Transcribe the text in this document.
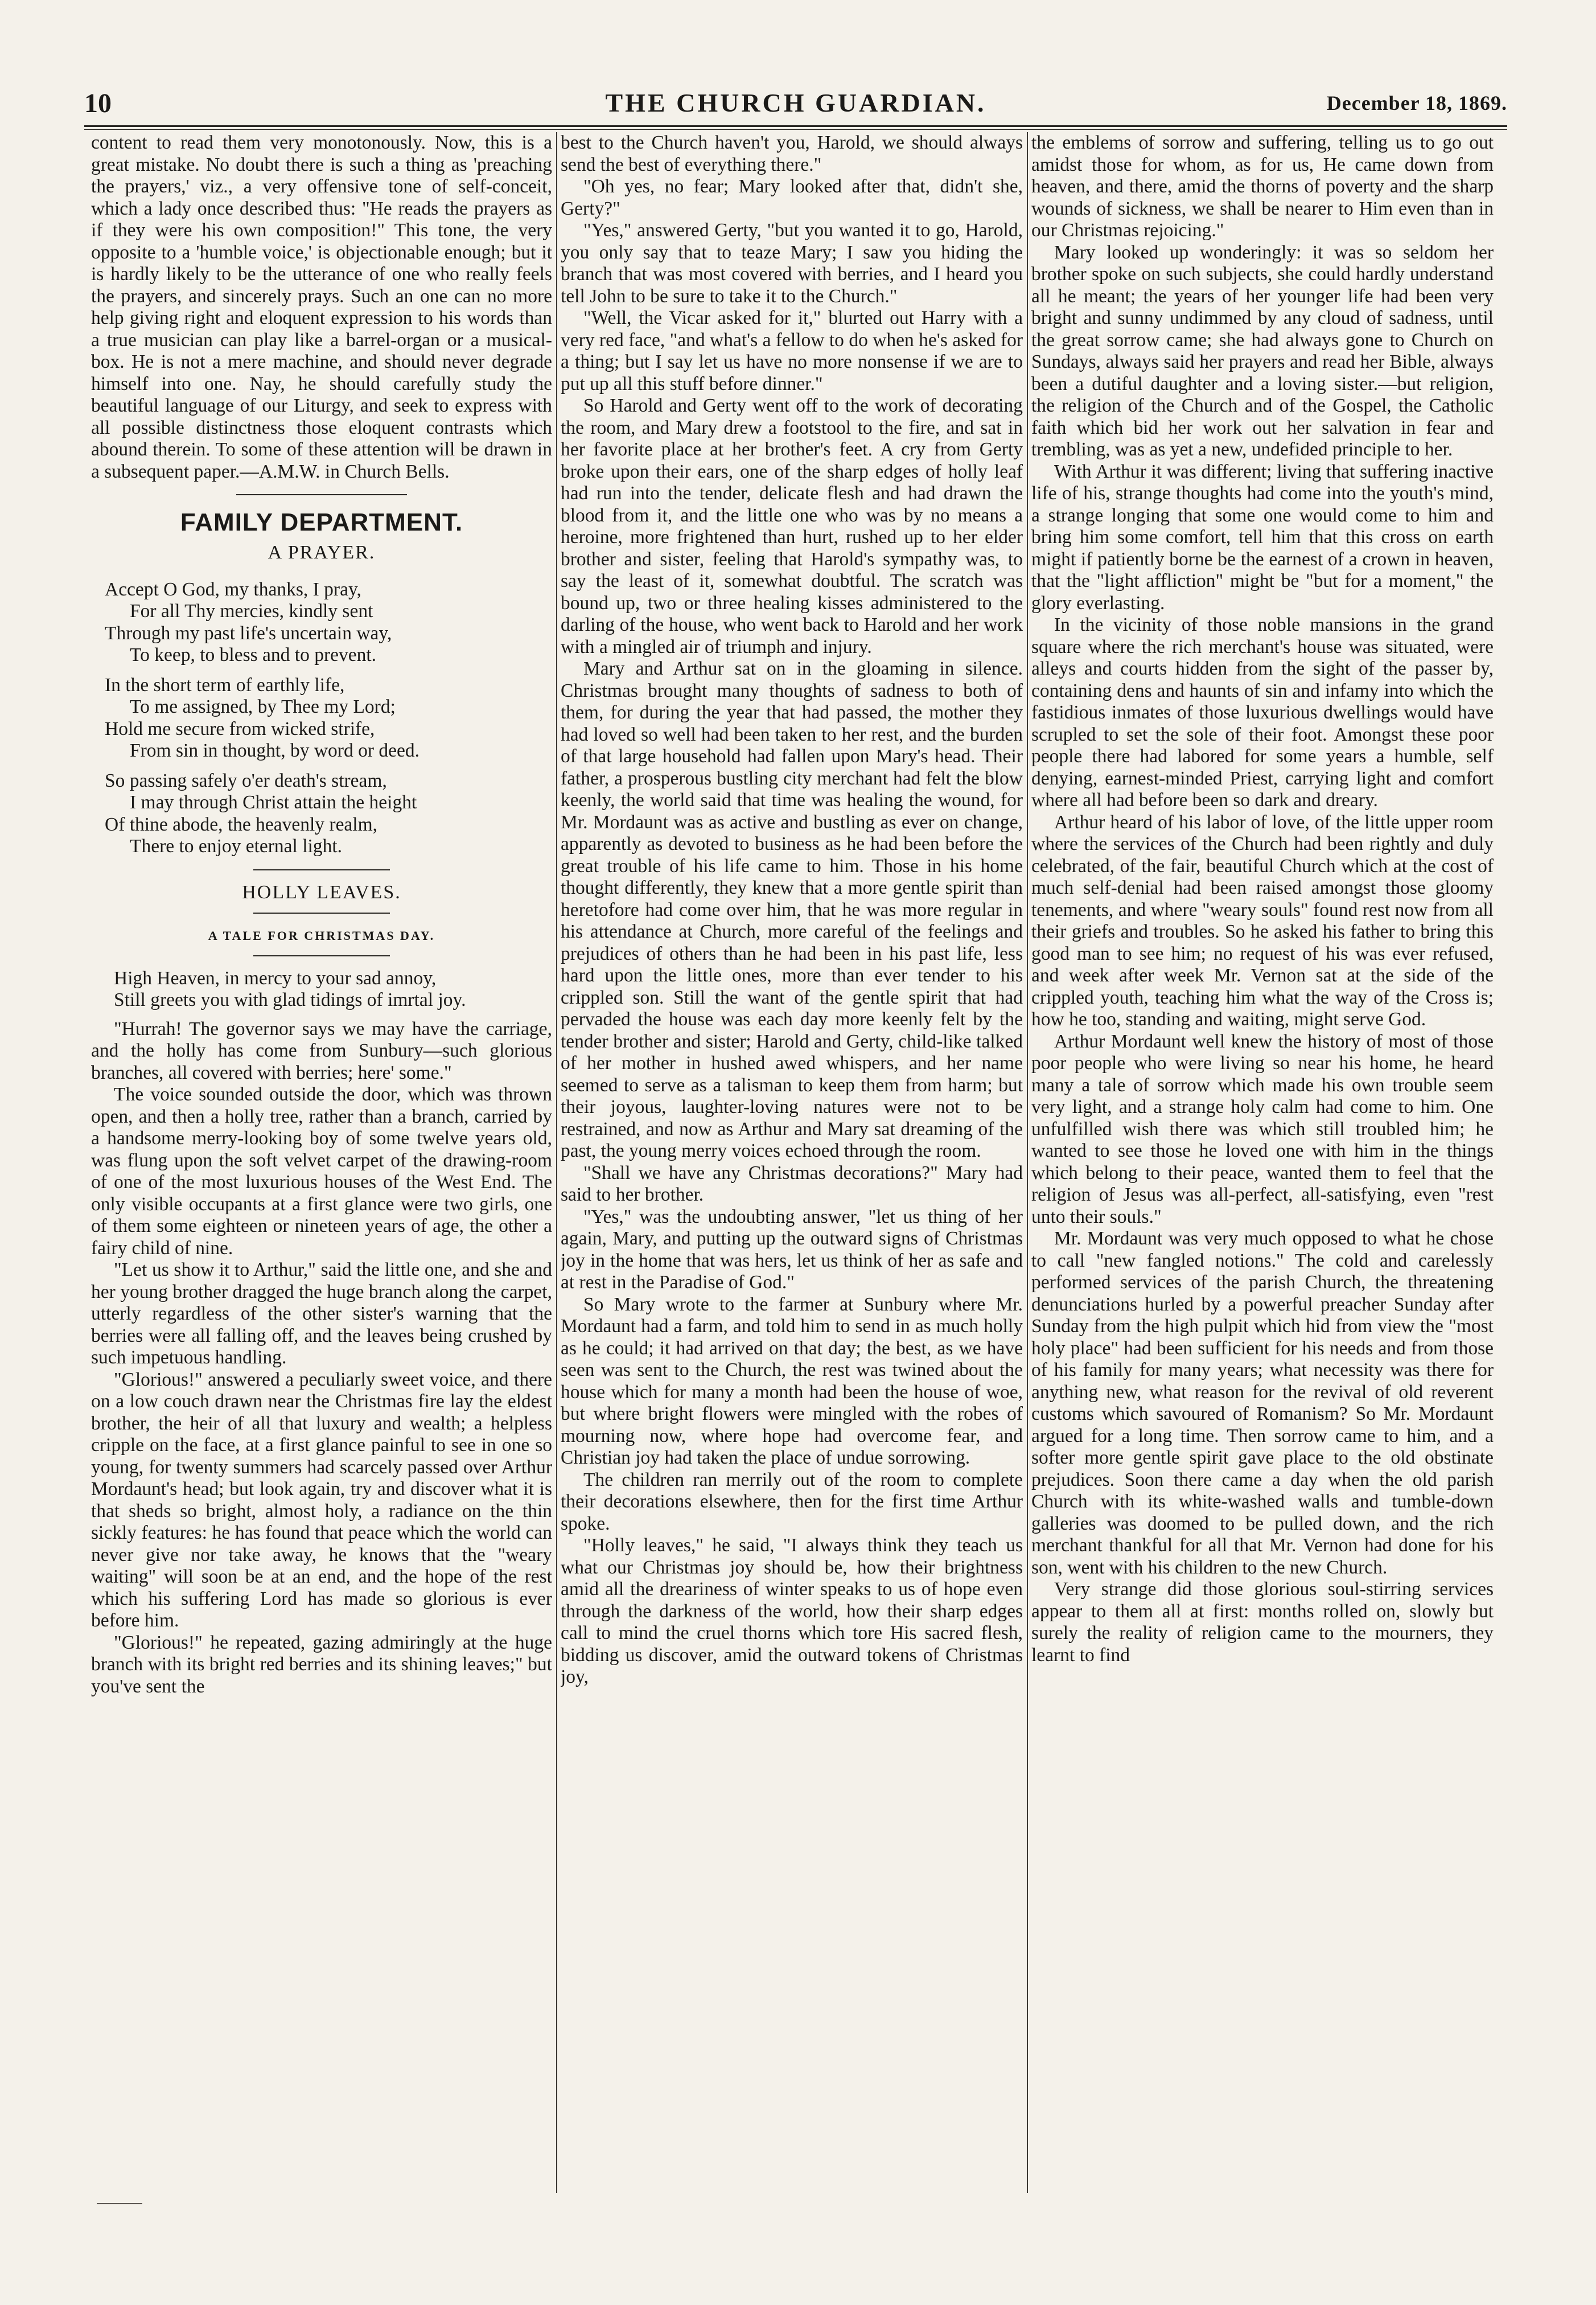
10	THE CHURCH GUARDIAN.	December 18, 1869.

content to read them very monotonously. Now, this is a great mistake. No doubt there is such a thing as 'preaching the prayers,' viz., a very offensive tone of self-conceit, which a lady once described thus: "He reads the prayers as if they were his own composition!" This tone, the very opposite to a 'humble voice,' is objectionable enough; but it is hardly likely to be the utterance of one who really feels the prayers, and sincerely prays. Such an one can no more help giving right and eloquent expression to his words than a true musician can play like a barrel-organ or a musical-box. He is not a mere machine, and should never degrade himself into one. Nay, he should carefully study the beautiful language of our Liturgy, and seek to express with all possible distinctness those eloquent contrasts which abound therein. To some of these attention will be drawn in a subsequent paper.—A.M.W. in Church Bells.

FAMILY DEPARTMENT.
A PRAYER.
Accept O God, my thanks, I pray,
For all Thy mercies, kindly sent
Through my past life's uncertain way,
To keep, to bless and to prevent.
In the short term of earthly life,
To me assigned, by Thee my Lord;
Hold me secure from wicked strife,
From sin in thought, by word or deed.
So passing safely o'er death's stream,
I may through Christ attain the height
Of thine abode, the heavenly realm,
There to enjoy eternal light.
HOLLY LEAVES.
A TALE FOR CHRISTMAS DAY.

High Heaven, in mercy to your sad annoy,

Still greets you with glad tidings of imrtal joy.

"Hurrah! The governor says we may have the carriage, and the holly has come from Sunbury—such glorious branches, all covered with berries; here' some."

The voice sounded outside the door, which was thrown open, and then a holly tree, rather than a branch, carried by a handsome merry-looking boy of some twelve years old, was flung upon the soft velvet carpet of the drawing-room of one of the most luxurious houses of the West End. The only visible occupants at a first glance were two girls, one of them some eighteen or nineteen years of age, the other a fairy child of nine.

"Let us show it to Arthur," said the little one, and she and her young brother dragged the huge branch along the carpet, utterly regardless of the other sister's warning that the berries were all falling off, and the leaves being crushed by such impetuous handling.

"Glorious!" answered a peculiarly sweet voice, and there on a low couch drawn near the Christmas fire lay the eldest brother, the heir of all that luxury and wealth; a helpless cripple on the face, at a first glance painful to see in one so young, for twenty summers had scarcely passed over Arthur Mordaunt's head; but look again, try and discover what it is that sheds so bright, almost holy, a radiance on the thin sickly features: he has found that peace which the world can never give nor take away, he knows that the "weary waiting" will soon be at an end, and the hope of the rest which his suffering Lord has made so glorious is ever before him.

"Glorious!" he repeated, gazing admiringly at the huge branch with its bright red berries and its shining leaves;" but you've sent the

best to the Church haven't you, Harold, we should always send the best of everything there."

"Oh yes, no fear; Mary looked after that, didn't she, Gerty?"

"Yes," answered Gerty, "but you wanted it to go, Harold, you only say that to teaze Mary; I saw you hiding the branch that was most covered with berries, and I heard you tell John to be sure to take it to the Church."

"Well, the Vicar asked for it," blurted out Harry with a very red face, "and what's a fellow to do when he's asked for a thing; but I say let us have no more nonsense if we are to put up all this stuff before dinner."

So Harold and Gerty went off to the work of decorating the room, and Mary drew a footstool to the fire, and sat in her favorite place at her brother's feet. A cry from Gerty broke upon their ears, one of the sharp edges of holly leaf had run into the tender, delicate flesh and had drawn the blood from it, and the little one who was by no means a heroine, more frightened than hurt, rushed up to her elder brother and sister, feeling that Harold's sympathy was, to say the least of it, somewhat doubtful. The scratch was bound up, two or three healing kisses administered to the darling of the house, who went back to Harold and her work with a mingled air of triumph and injury.

Mary and Arthur sat on in the gloaming in silence. Christmas brought many thoughts of sadness to both of them, for during the year that had passed, the mother they had loved so well had been taken to her rest, and the burden of that large household had fallen upon Mary's head. Their father, a prosperous bustling city merchant had felt the blow keenly, the world said that time was healing the wound, for Mr. Mordaunt was as active and bustling as ever on change, apparently as devoted to business as he had been before the great trouble of his life came to him. Those in his home thought differently, they knew that a more gentle spirit than heretofore had come over him, that he was more regular in his attendance at Church, more careful of the feelings and prejudices of others than he had been in his past life, less hard upon the little ones, more than ever tender to his crippled son. Still the want of the gentle spirit that had pervaded the house was each day more keenly felt by the tender brother and sister; Harold and Gerty, child-like talked of her mother in hushed awed whispers, and her name seemed to serve as a talisman to keep them from harm; but their joyous, laughter-loving natures were not to be restrained, and now as Arthur and Mary sat dreaming of the past, the young merry voices echoed through the room.

"Shall we have any Christmas decorations?" Mary had said to her brother.

"Yes," was the undoubting answer, "let us thing of her again, Mary, and putting up the outward signs of Christmas joy in the home that was hers, let us think of her as safe and at rest in the Paradise of God."

So Mary wrote to the farmer at Sunbury where Mr. Mordaunt had a farm, and told him to send in as much holly as he could; it had arrived on that day; the best, as we have seen was sent to the Church, the rest was twined about the house which for many a month had been the house of woe, but where bright flowers were mingled with the robes of mourning now, where hope had overcome fear, and Christian joy had taken the place of undue sorrowing.

The children ran merrily out of the room to complete their decorations elsewhere, then for the first time Arthur spoke.

"Holly leaves," he said, "I always think they teach us what our Christmas joy should be, how their brightness amid all the dreariness of winter speaks to us of hope even through the darkness of the world, how their sharp edges call to mind the cruel thorns which tore His sacred flesh, bidding us discover, amid the outward tokens of Christmas joy,

the emblems of sorrow and suffering, telling us to go out amidst those for whom, as for us, He came down from heaven, and there, amid the thorns of poverty and the sharp wounds of sickness, we shall be nearer to Him even than in our Christmas rejoicing."

Mary looked up wonderingly: it was so seldom her brother spoke on such subjects, she could hardly understand all he meant; the years of her younger life had been very bright and sunny undimmed by any cloud of sadness, until the great sorrow came; she had always gone to Church on Sundays, always said her prayers and read her Bible, always been a dutiful daughter and a loving sister.—but religion, the religion of the Church and of the Gospel, the Catholic faith which bid her work out her salvation in fear and trembling, was as yet a new, undefided principle to her.

With Arthur it was different; living that suffering inactive life of his, strange thoughts had come into the youth's mind, a strange longing that some one would come to him and bring him some comfort, tell him that this cross on earth might if patiently borne be the earnest of a crown in heaven, that the "light affliction" might be "but for a moment," the glory everlasting.

In the vicinity of those noble mansions in the grand square where the rich merchant's house was situated, were alleys and courts hidden from the sight of the passer by, containing dens and haunts of sin and infamy into which the fastidious inmates of those luxurious dwellings would have scrupled to set the sole of their foot. Amongst these poor people there had labored for some years a humble, self denying, earnest-minded Priest, carrying light and comfort where all had before been so dark and dreary.

Arthur heard of his labor of love, of the little upper room where the services of the Church had been rightly and duly celebrated, of the fair, beautiful Church which at the cost of much self-denial had been raised amongst those gloomy tenements, and where "weary souls" found rest now from all their griefs and troubles. So he asked his father to bring this good man to see him; no request of his was ever refused, and week after week Mr. Vernon sat at the side of the crippled youth, teaching him what the way of the Cross is; how he too, standing and waiting, might serve God.

Arthur Mordaunt well knew the history of most of those poor people who were living so near his home, he heard many a tale of sorrow which made his own trouble seem very light, and a strange holy calm had come to him. One unfulfilled wish there was which still troubled him; he wanted to see those he loved one with him in the things which belong to their peace, wanted them to feel that the religion of Jesus was all-perfect, all-satisfying, even "rest unto their souls."

Mr. Mordaunt was very much opposed to what he chose to call "new fangled notions." The cold and carelessly performed services of the parish Church, the threatening denunciations hurled by a powerful preacher Sunday after Sunday from the high pulpit which hid from view the "most holy place" had been sufficient for his needs and from those of his family for many years; what necessity was there for anything new, what reason for the revival of old reverent customs which savoured of Romanism? So Mr. Mordaunt argued for a long time. Then sorrow came to him, and a softer more gentle spirit gave place to the old obstinate prejudices. Soon there came a day when the old parish Church with its white-washed walls and tumble-down galleries was doomed to be pulled down, and the rich merchant thankful for all that Mr. Vernon had done for his son, went with his children to the new Church.

Very strange did those glorious soul-stirring services appear to them all at first: months rolled on, slowly but surely the reality of religion came to the mourners, they learnt to find
